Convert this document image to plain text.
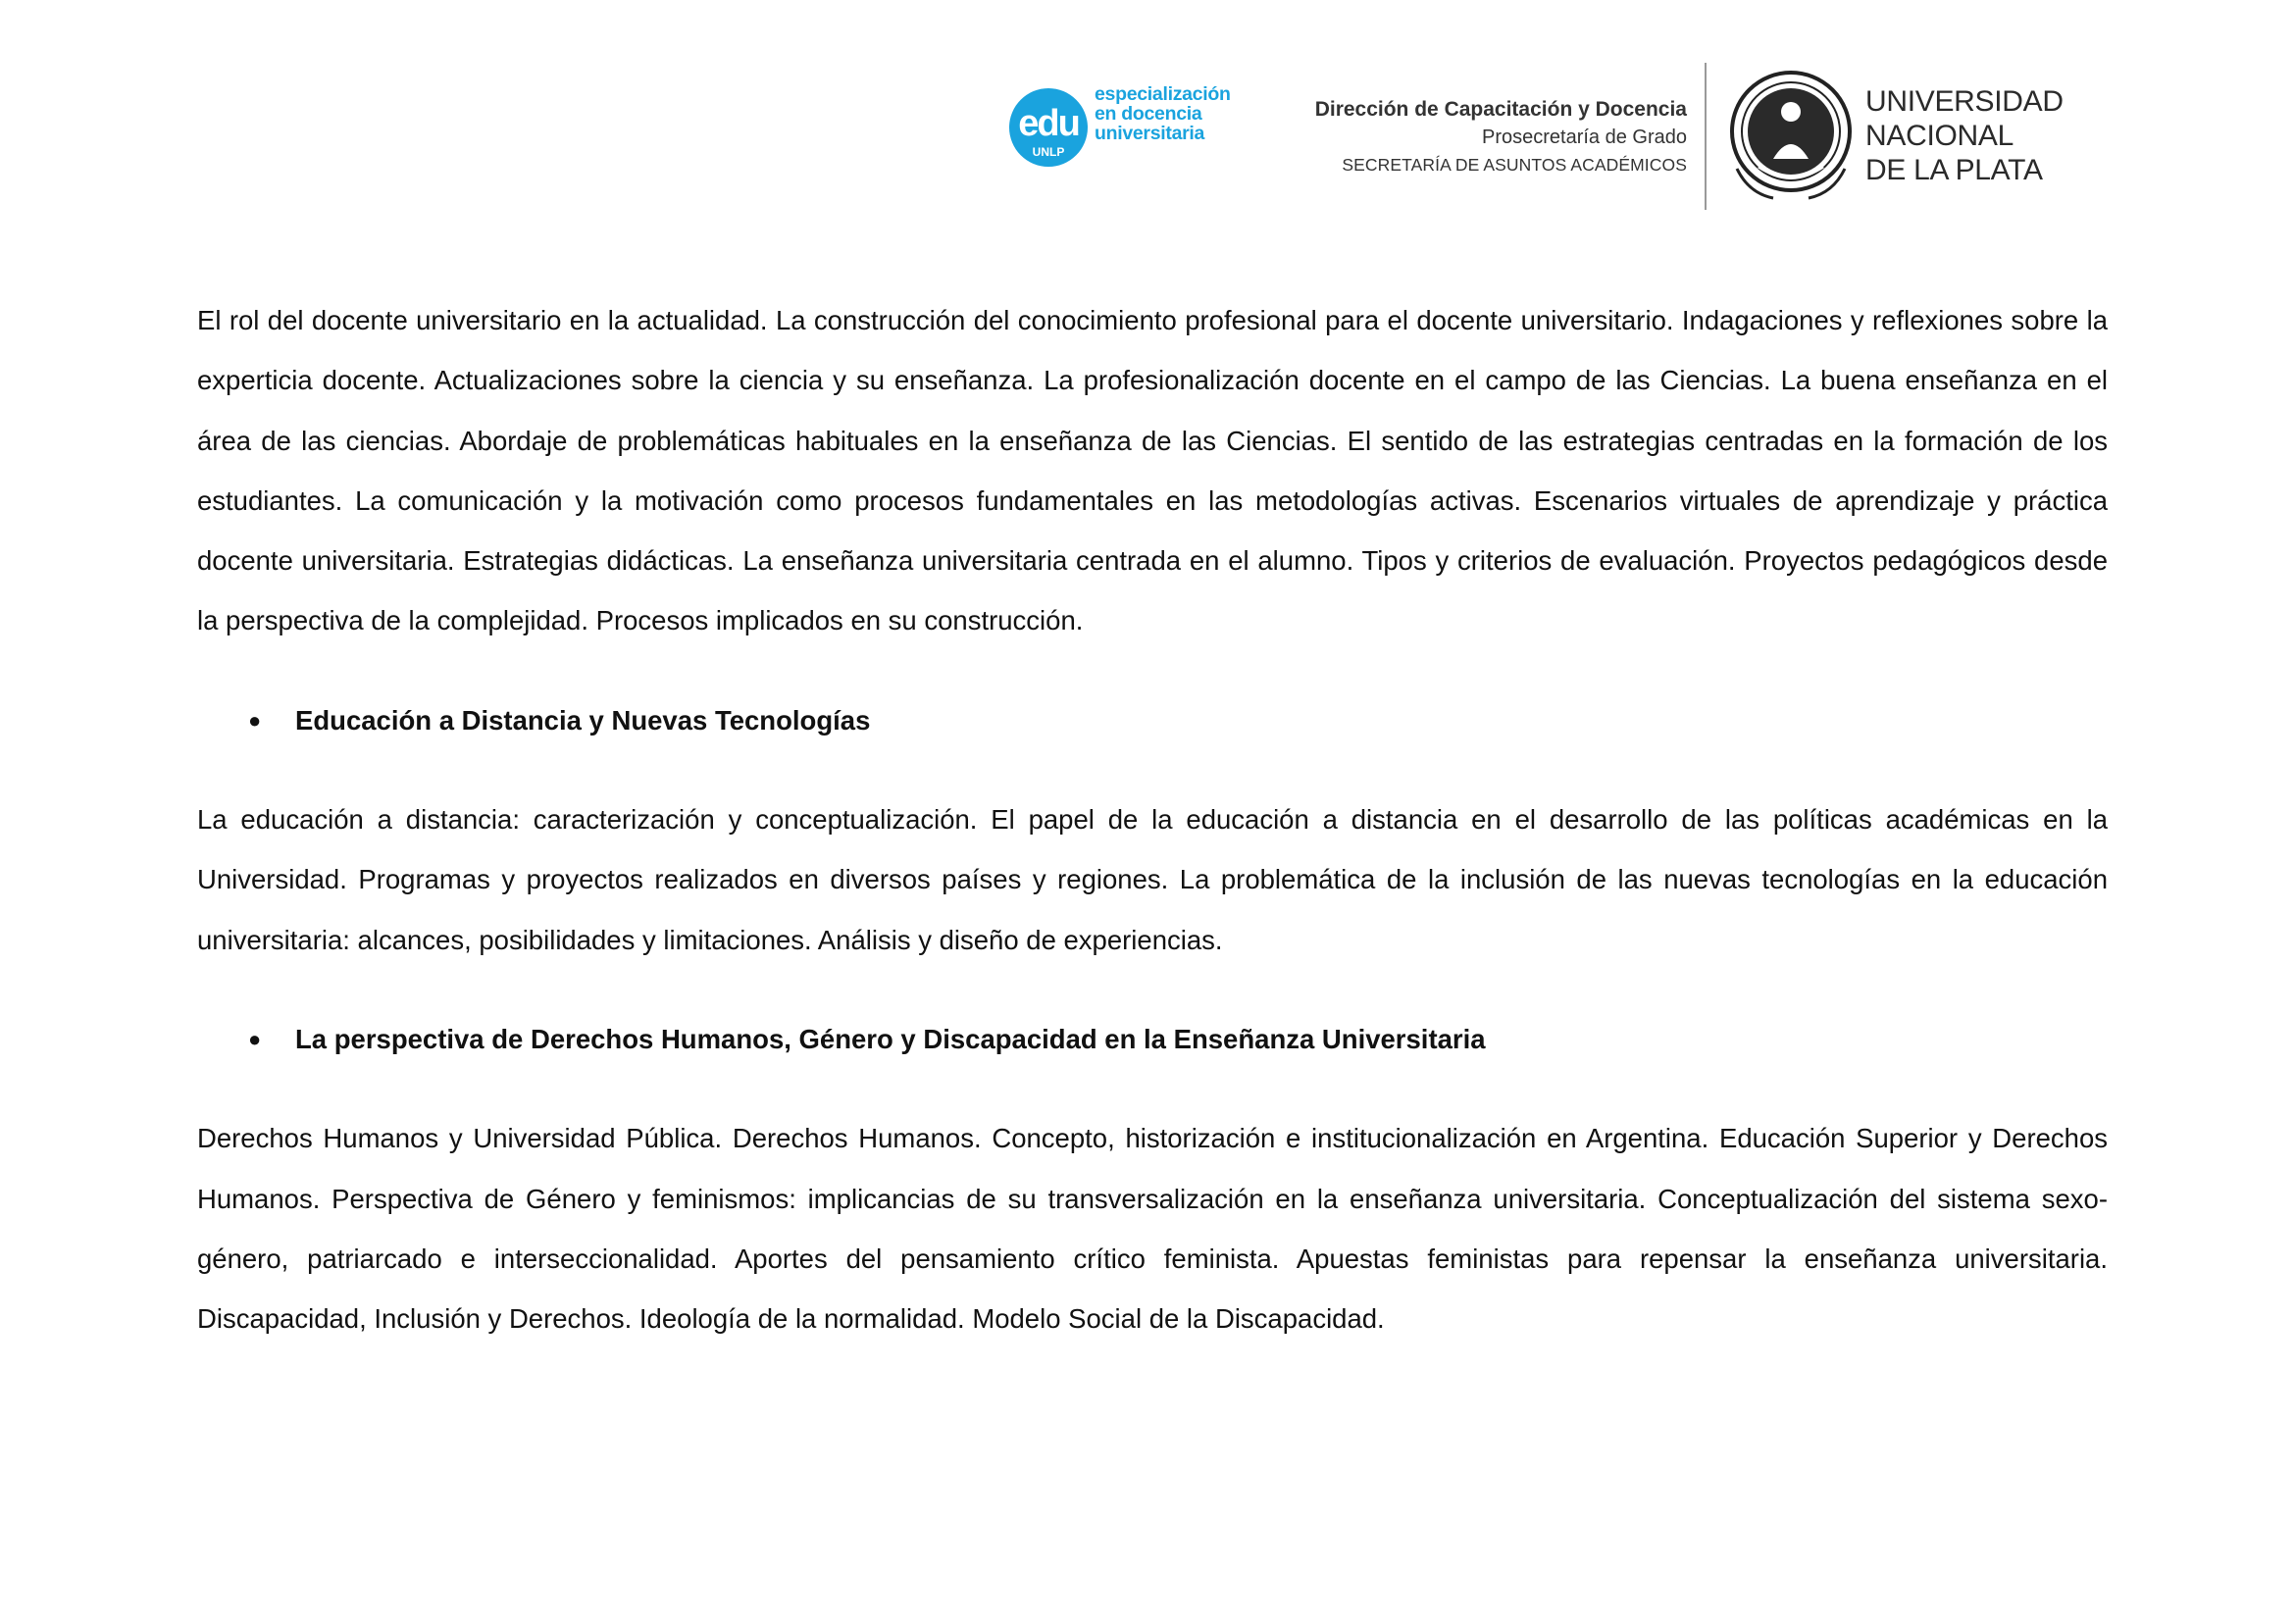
edu
UNLP
especialización
en docencia
universitaria
Dirección de Capacitación y Docencia
Prosecretaría de Grado
SECRETARÍA DE ASUNTOS ACADÉMICOS
UNIVERSIDAD
NACIONAL
DE LA PLATA

El rol del docente universitario en la actualidad. La construcción del conocimiento profesional para el docente universitario. Indagaciones y reflexiones sobre la experticia docente. Actualizaciones sobre la ciencia y su enseñanza. La profesionalización docente en el campo de las Ciencias. La buena enseñanza en el área de las ciencias. Abordaje de problemáticas habituales en la enseñanza de las Ciencias. El sentido de las estrategias centradas en la formación de los estudiantes. La comunicación y la motivación como procesos fundamentales en las metodologías activas. Escenarios virtuales de aprendizaje y práctica docente universitaria. Estrategias didácticas. La enseñanza universitaria centrada en el alumno. Tipos y criterios de evaluación. Proyectos pedagógicos desde la perspectiva de la complejidad. Procesos implicados en su construcción.

● Educación a Distancia y Nuevas Tecnologías

La educación a distancia: caracterización y conceptualización. El papel de la educación a distancia en el desarrollo de las políticas académicas en la Universidad. Programas y proyectos realizados en diversos países y regiones. La problemática de la inclusión de las nuevas tecnologías en la educación universitaria: alcances, posibilidades y limitaciones. Análisis y diseño de experiencias.

● La perspectiva de Derechos Humanos, Género y Discapacidad en la Enseñanza Universitaria

Derechos Humanos y Universidad Pública. Derechos Humanos. Concepto, historización e institucionalización en Argentina. Educación Superior y Derechos Humanos. Perspectiva de Género y feminismos: implicancias de su transversalización en la enseñanza universitaria. Conceptualización del sistema sexo-género, patriarcado e interseccionalidad. Aportes del pensamiento crítico feminista. Apuestas feministas para repensar la enseñanza universitaria. Discapacidad, Inclusión y Derechos. Ideología de la normalidad. Modelo Social de la Discapacidad.
